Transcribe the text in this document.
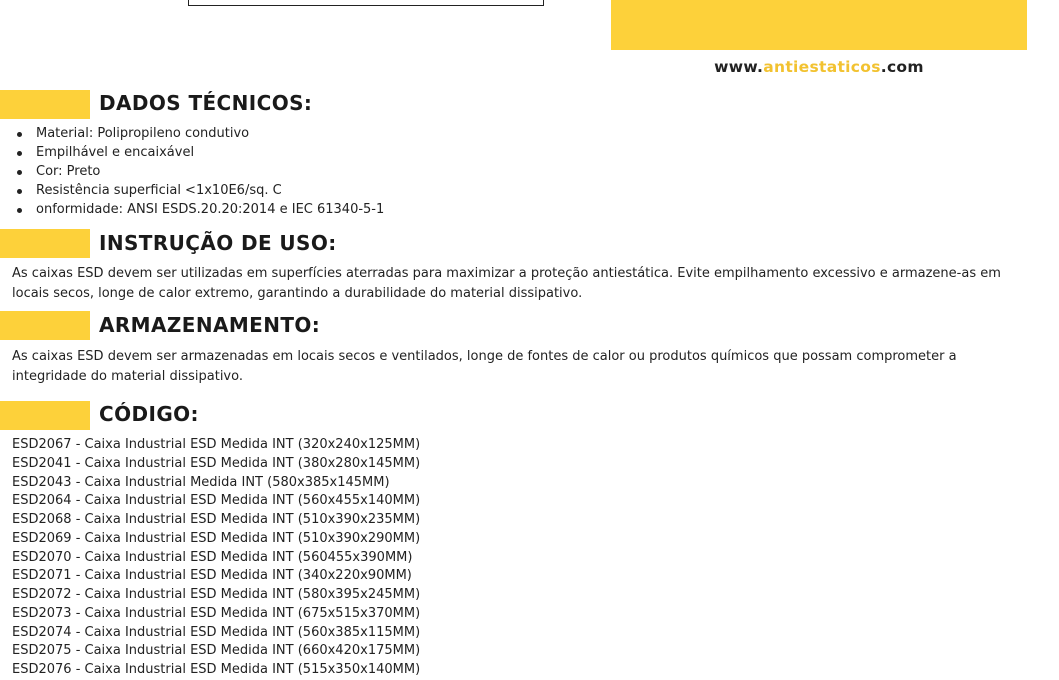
www.antiestaticos.com
DADOS TÉCNICOS:
Material: Polipropileno condutivo
Empilhável e encaixável
Cor: Preto
Resistência superficial <1x10E6/sq. C
onformidade: ANSI ESDS.20.20:2014 e IEC 61340-5-1
INSTRUÇÃO DE USO:

As caixas ESD devem ser utilizadas em superfícies aterradas para maximizar a proteção antiestática. Evite empilhamento excessivo e armazene-as em locais secos, longe de calor extremo, garantindo a durabilidade do material dissipativo.

ARMAZENAMENTO:

As caixas ESD devem ser armazenadas em locais secos e ventilados, longe de fontes de calor ou produtos químicos que possam comprometer a integridade do material dissipativo.

CÓDIGO:
ESD2067 - Caixa Industrial ESD Medida INT (320x240x125MM)
ESD2041 - Caixa Industrial ESD Medida INT (380x280x145MM)
ESD2043 - Caixa Industrial Medida INT (580x385x145MM)
ESD2064 - Caixa Industrial ESD Medida INT (560x455x140MM)
ESD2068 - Caixa Industrial ESD Medida INT (510x390x235MM)
ESD2069 - Caixa Industrial ESD Medida INT (510x390x290MM)
ESD2070 - Caixa Industrial ESD Medida INT (560455x390MM)
ESD2071 - Caixa Industrial ESD Medida INT (340x220x90MM)
ESD2072 - Caixa Industrial ESD Medida INT (580x395x245MM)
ESD2073 - Caixa Industrial ESD Medida INT (675x515x370MM)
ESD2074 - Caixa Industrial ESD Medida INT (560x385x115MM)
ESD2075 - Caixa Industrial ESD Medida INT (660x420x175MM)
ESD2076 - Caixa Industrial ESD Medida INT (515x350x140MM)
